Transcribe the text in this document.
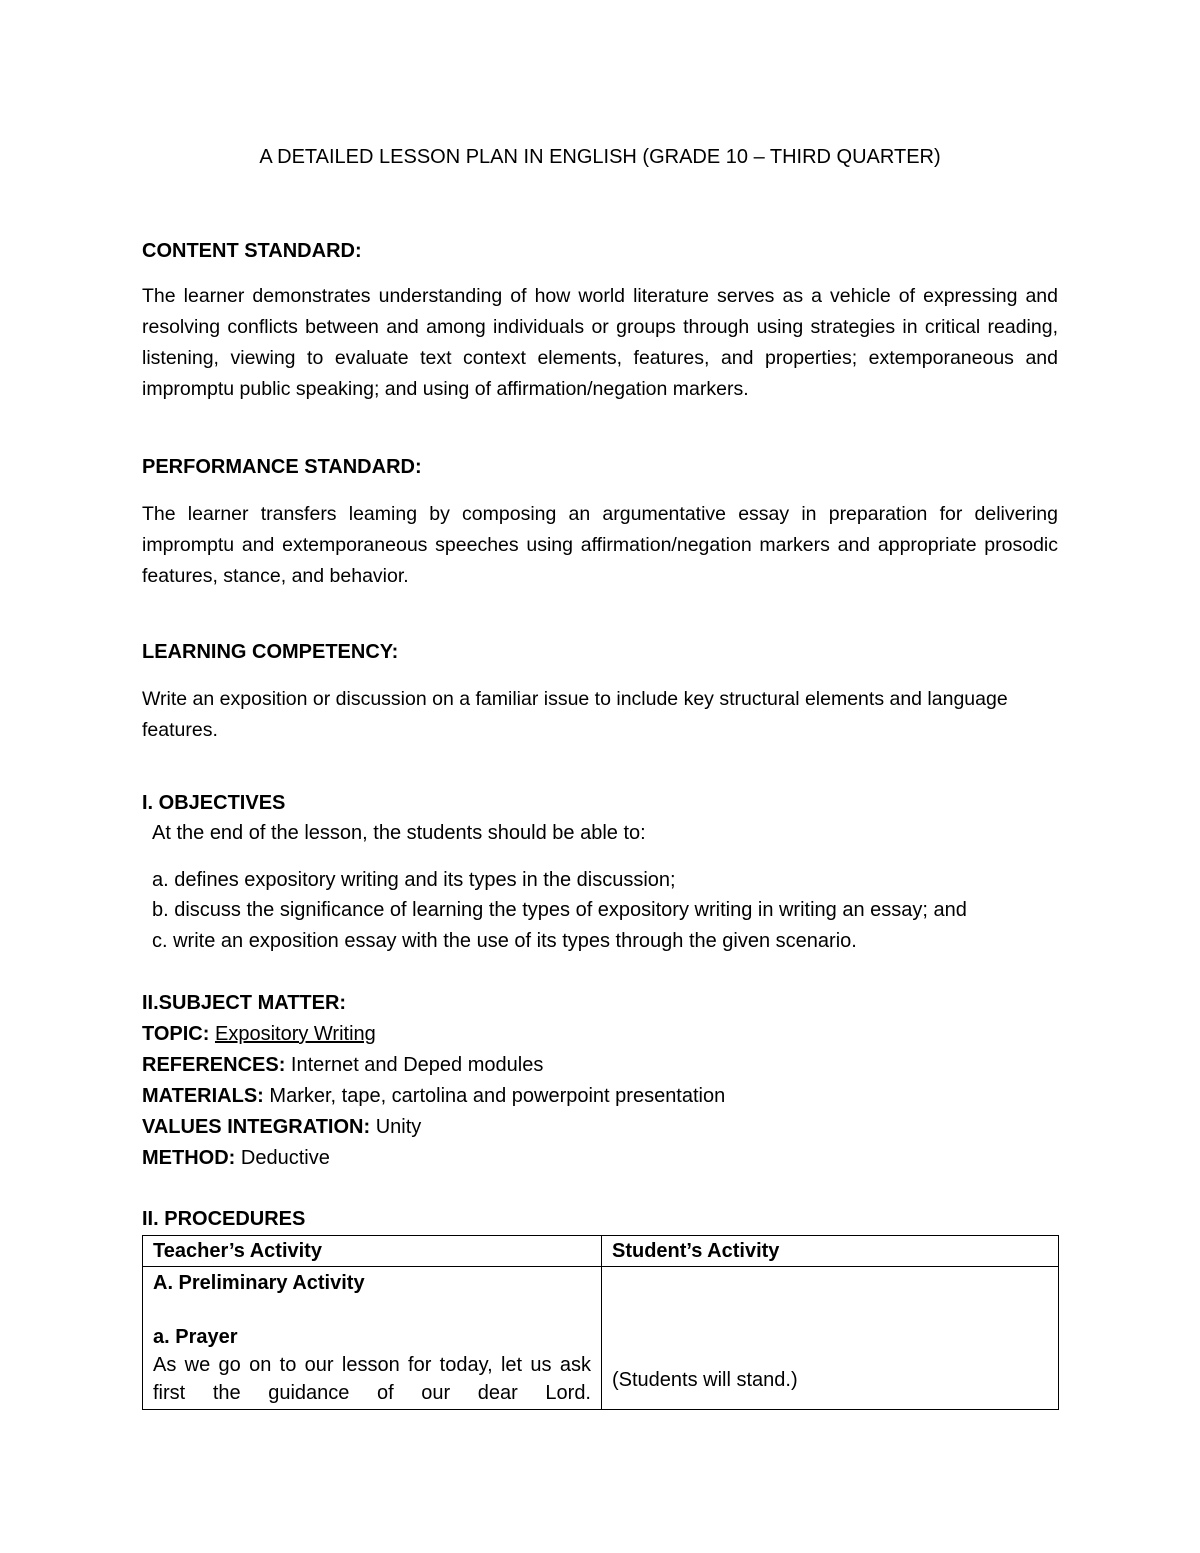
A DETAILED LESSON PLAN IN ENGLISH (GRADE 10 – THIRD QUARTER)
CONTENT STANDARD:
The learner demonstrates understanding of how world literature serves as a vehicle of expressing and resolving conflicts between and among individuals or groups through using strategies in critical reading, listening, viewing to evaluate text context elements, features, and properties; extemporaneous and impromptu public speaking; and using of affirmation/negation markers.
PERFORMANCE STANDARD:
The learner transfers leaming by composing an argumentative essay in preparation for delivering impromptu and extemporaneous speeches using affirmation/negation markers and appropriate prosodic features, stance, and behavior.
LEARNING COMPETENCY:
Write an exposition or discussion on a familiar issue to include key structural elements and language features.
I. OBJECTIVES
At the end of the lesson, the students should be able to:
a. defines expository writing and its types in the discussion;
b. discuss the significance of learning the types of expository writing in writing an essay; and
c. write an exposition essay with the use of its types through the given scenario.
II.SUBJECT MATTER:
TOPIC: Expository Writing
REFERENCES: Internet and Deped modules
MATERIALS: Marker, tape, cartolina and powerpoint presentation
VALUES INTEGRATION: Unity
METHOD: Deductive
II. PROCEDURES
Teacher’s Activity	Student’s Activity

A. Preliminary Activity
a. Prayer
As we go on to our lesson for today, let us ask first the guidance of our dear Lord.	(Students will stand.)
